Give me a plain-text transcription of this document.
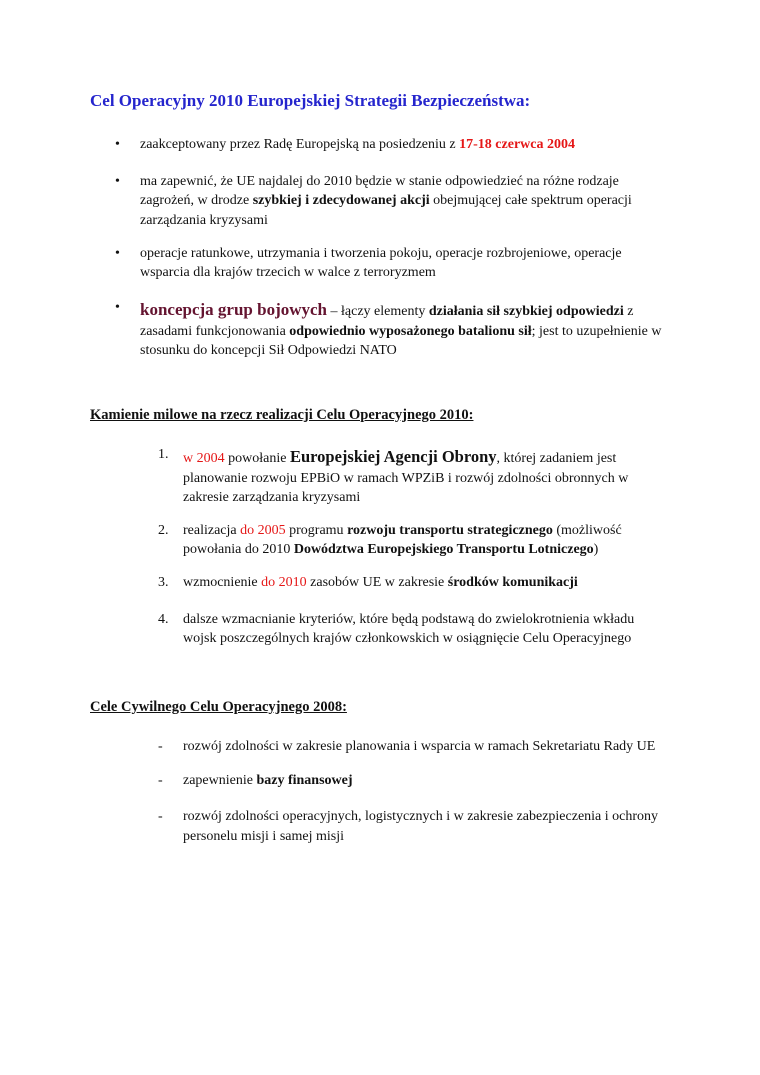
Cel Operacyjny 2010 Europejskiej Strategii Bezpieczeństwa:
•	zaakceptowany przez Radę Europejską na posiedzeniu z 17-18 czerwca 2004

•	ma zapewnić, że UE najdalej do 2010 będzie w stanie odpowiedzieć na różne rodzaje zagrożeń, w drodze szybkiej i zdecydowanej akcji obejmującej całe spektrum operacji zarządzania kryzysami

•	operacje ratunkowe, utrzymania i tworzenia pokoju, operacje rozbrojeniowe, operacje wsparcia dla krajów trzecich w walce z terroryzmem

•	koncepcja grup bojowych – łączy elementy działania sił szybkiej odpowiedzi z zasadami funkcjonowania odpowiednio wyposażonego batalionu sił; jest to uzupełnienie w stosunku do koncepcji Sił Odpowiedzi NATO

Kamienie milowe na rzecz realizacji Celu Operacyjnego 2010:
1.	w 2004 powołanie Europejskiej Agencji Obrony, której zadaniem jest planowanie rozwoju EPBiO w ramach WPZiB i rozwój zdolności obronnych w zakresie zarządzania kryzysami

2.	realizacja do 2005 programu rozwoju transportu strategicznego (możliwość powołania do 2010 Dowództwa Europejskiego Transportu Lotniczego)

3.	wzmocnienie do 2010 zasobów UE w zakresie środków komunikacji

4.	dalsze wzmacnianie kryteriów, które będą podstawą do zwielokrotnienia wkładu wojsk poszczególnych krajów członkowskich w osiągnięcie Celu Operacyjnego

Cele Cywilnego Celu Operacyjnego 2008:
-	rozwój zdolności w zakresie planowania i wsparcia w ramach Sekretariatu Rady UE

-	zapewnienie bazy finansowej

-	rozwój zdolności operacyjnych, logistycznych i w zakresie zabezpieczenia i ochrony personelu misji i samej misji
